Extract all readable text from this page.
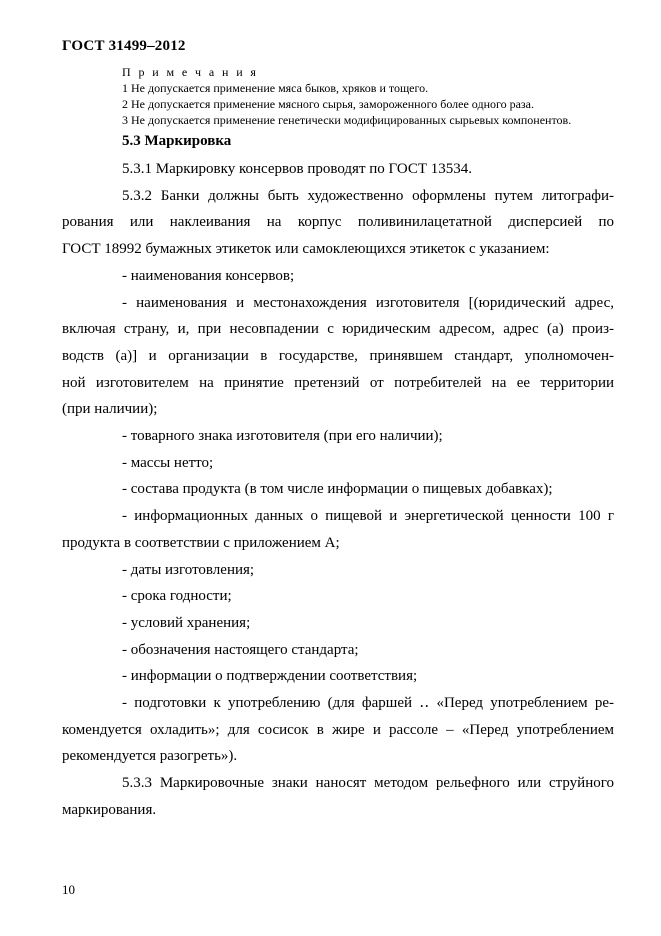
ГОСТ 31499–2012
П р и м е ч а н и я
1 Не допускается применение мяса быков, хряков и тощего.
2 Не допускается применение мясного сырья, замороженного более одного раза.
3 Не допускается применение генетически модифицированных сырьевых компонентов.
5.3 Маркировка
5.3.1 Маркировку консервов проводят по ГОСТ 13534.
5.3.2 Банки должны быть художественно оформлены путем литографи-
рования или наклеивания на корпус поливинилацетатной дисперсией по
ГОСТ 18992 бумажных этикеток или самоклеющихся этикеток с указанием:
- наименования консервов;
- наименования и местонахождения изготовителя [(юридический адрес,
включая страну, и, при несовпадении с юридическим адресом, адрес (а) произ-
водств (а)] и организации в государстве, принявшем стандарт, уполномочен-
ной изготовителем на принятие претензий от потребителей на ее территории
(при наличии);
- товарного знака изготовителя (при его наличии);
- массы нетто;
- состава продукта (в том числе информации о пищевых добавках);
- информационных данных о пищевой и энергетической ценности 100 г
продукта в соответствии с приложением А;
- даты изготовления;
- срока годности;
- условий хранения;
- обозначения настоящего стандарта;
- информации о подтверждении соответствия;
- подготовки к употреблению (для фаршей ‥ «Перед употреблением ре-
комендуется охладить»; для сосисок в жире и рассоле – «Перед употреблением
рекомендуется разогреть»).
5.3.3 Маркировочные знаки наносят методом рельефного или струйного
маркирования.
10
